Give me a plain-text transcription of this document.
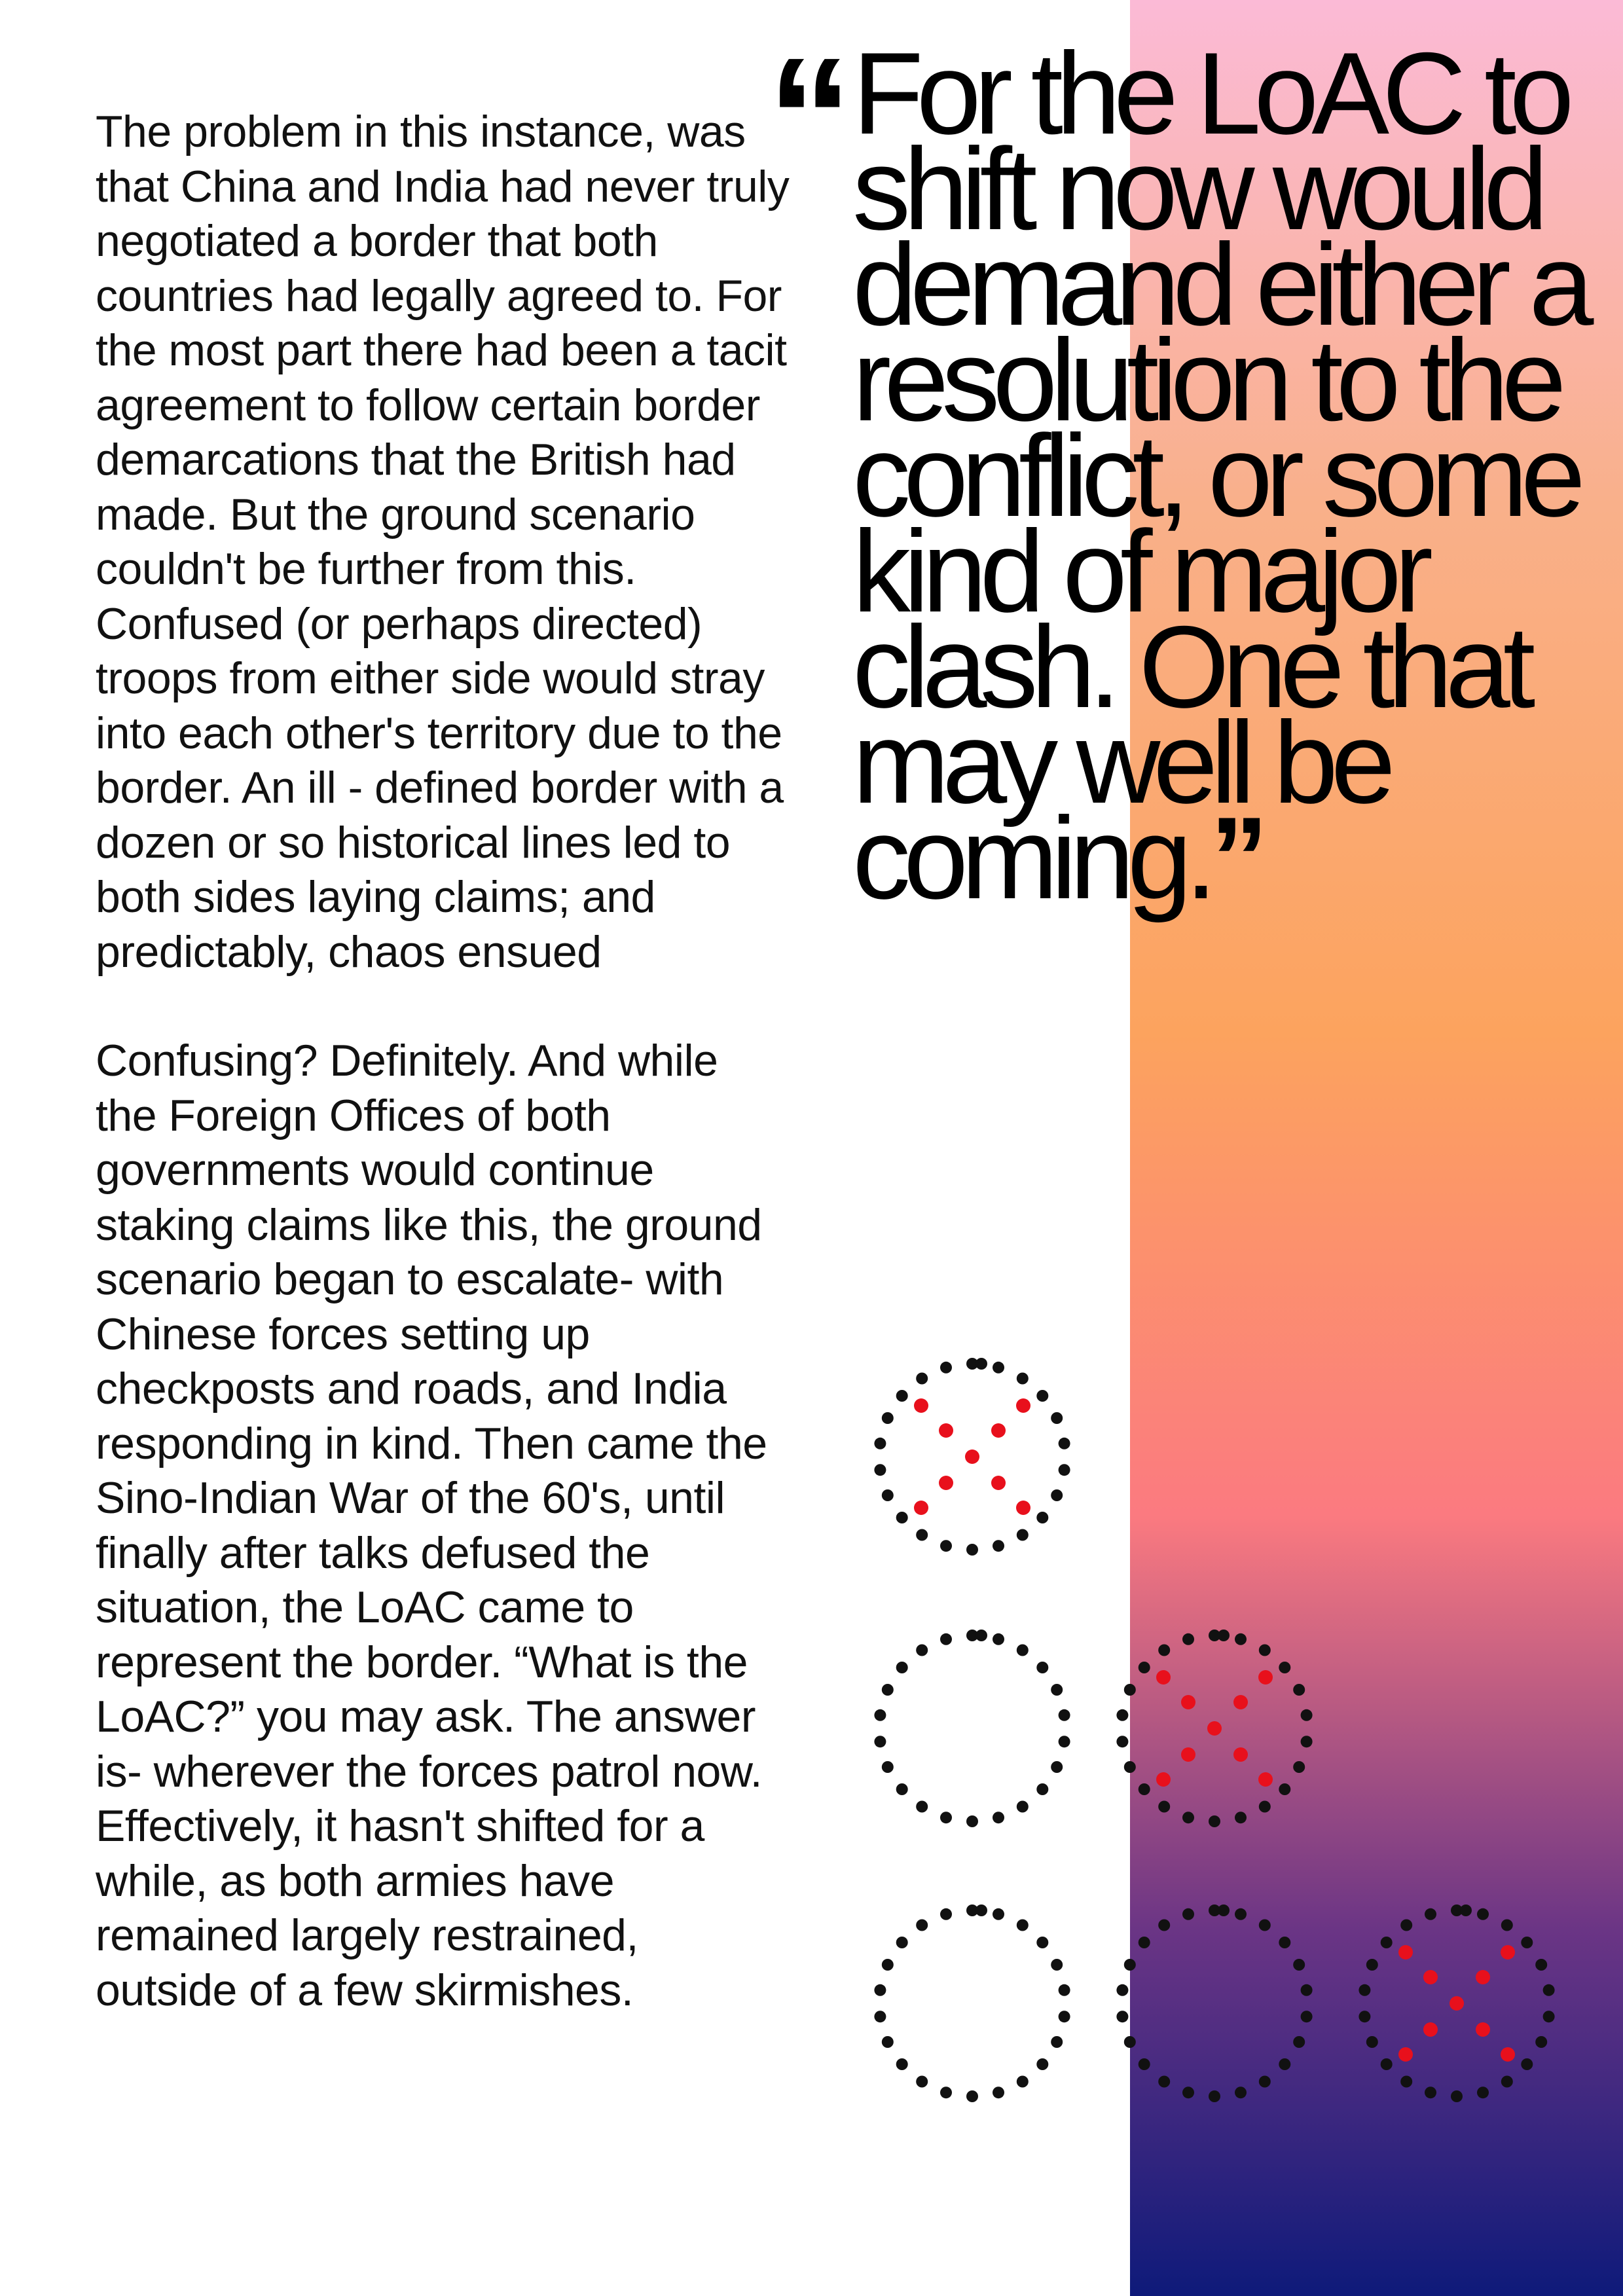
The problem in this instance, was that China and India had never truly negotiated a border that both countries had legally agreed to. For the most part there had been a tacit agreement to follow certain border demarcations that the British had made. But the ground scenario couldn't be further from this. Confused (or perhaps directed) troops from either side would stray into each other's territory due to the border. An ill - defined border with a dozen or so historical lines led to both sides laying claims; and predictably, chaos ensued

Confusing? Definitely. And while the Foreign Offices of both governments would continue staking claims like this, the ground scenario began to escalate- with Chinese forces setting up checkposts and roads, and India responding in kind. Then came the Sino-Indian War of the 60's, until finally after talks defused the situation, the LoAC came to represent the border. “What is the LoAC?” you may ask. The answer is- wherever the forces patrol now. Effectively, it hasn't shifted for a while, as both armies have remained largely restrained, outside of a few skirmishes.

“ For the LoAC to shift now would demand either a resolution to the conflict, or some kind of major clash. One that may well be coming.”
